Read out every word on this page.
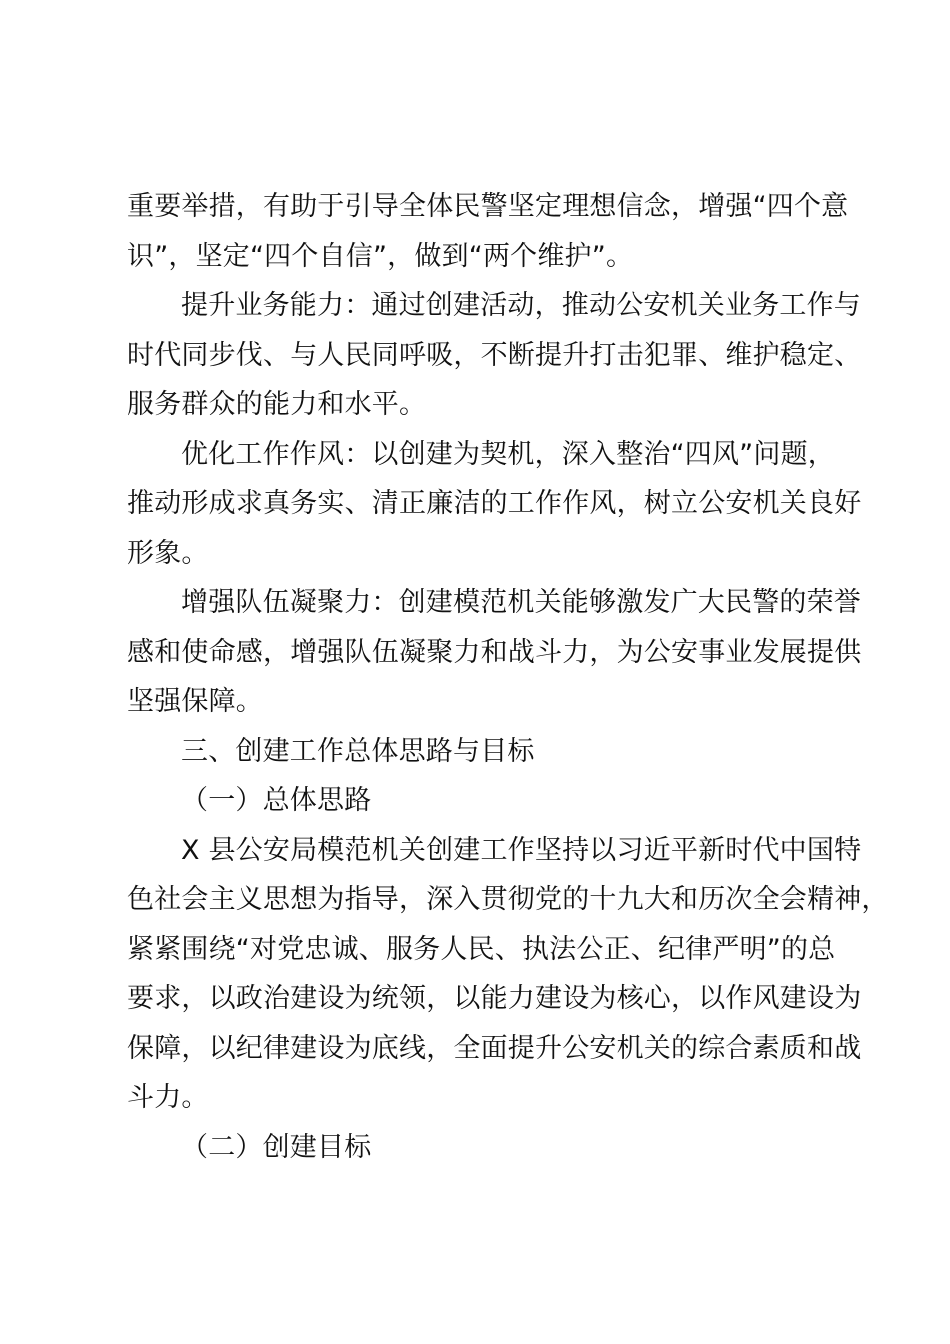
重要举措，有助于引导全体民警坚定理想信念，增强“四个意
识”，坚定“四个自信”，做到“两个维护”。

提升业务能力：通过创建活动，推动公安机关业务工作与
时代同步伐、与人民同呼吸，不断提升打击犯罪、维护稳定、
服务群众的能力和水平。

优化工作作风：以创建为契机，深入整治“四风”问题，
推动形成求真务实、清正廉洁的工作作风，树立公安机关良好
形象。

增强队伍凝聚力：创建模范机关能够激发广大民警的荣誉
感和使命感，增强队伍凝聚力和战斗力，为公安事业发展提供
坚强保障。

三、创建工作总体思路与目标

（一）总体思路

X 县公安局模范机关创建工作坚持以习近平新时代中国特
色社会主义思想为指导，深入贯彻党的十九大和历次全会精神，
紧紧围绕“对党忠诚、服务人民、执法公正、纪律严明”的总
要求，以政治建设为统领，以能力建设为核心，以作风建设为
保障，以纪律建设为底线，全面提升公安机关的综合素质和战
斗力。

（二）创建目标
